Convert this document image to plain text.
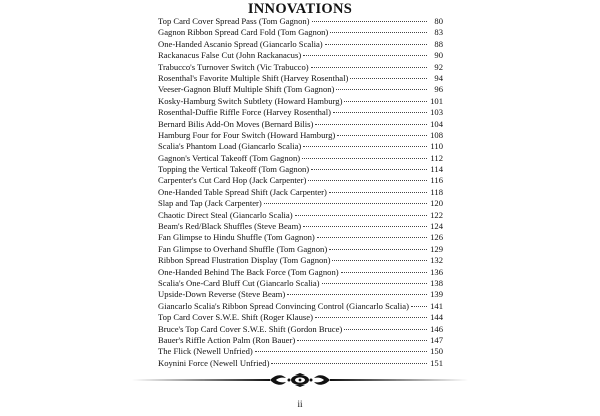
INNOVATIONS
Top Card Cover Spread Pass (Tom Gagnon)	80
Gagnon Ribbon Spread Card Fold (Tom Gagnon)	83
One-Handed Ascanio Spread (Giancarlo Scalia)	88
Rackanacus False Cut (John Rackanacus)	90
Trabucco's Turnover Switch (Vic Trabucco)	92
Rosenthal's Favorite Multiple Shift (Harvey Rosenthal)	94
Veeser-Gagnon Bluff Multiple Shift (Tom Gagnon)	96
Kosky-Hamburg Switch Subtlety (Howard Hamburg)	101
Rosenthal-Duffie Riffle Force (Harvey Rosenthal)	103
Bernard Bilis Add-On Moves (Bernard Bilis)	104
Hamburg Four for Four Switch (Howard Hamburg)	108
Scalia's Phantom Load (Giancarlo Scalia)	110
Gagnon's Vertical Takeoff (Tom Gagnon)	112
Topping the Vertical Takeoff (Tom Gagnon)	114
Carpenter's Cut Card Hop (Jack Carpenter)	116
One-Handed Table Spread Shift (Jack Carpenter)	118
Slap and Tap (Jack Carpenter)	120
Chaotic Direct Steal (Giancarlo Scalia)	122
Beam's Red/Black Shuffles (Steve Beam)	124
Fan Glimpse to Hindu Shuffle (Tom Gagnon)	126
Fan Glimpse to Overhand Shuffle (Tom Gagnon)	129
Ribbon Spread Flustration Display (Tom Gagnon)	132
One-Handed Behind The Back Force (Tom Gagnon)	136
Scalia's One-Card Bluff Cut (Giancarlo Scalia)	138
Upside-Down Reverse (Steve Beam)	139
Giancarlo Scalia's Ribbon Spread Convincing Control (Giancarlo Scalia) 141
Top Card Cover S.W.E. Shift (Roger Klause)	144
Bruce's Top Card Cover S.W.E. Shift (Gordon Bruce)	146
Bauer's Riffle Action Palm (Ron Bauer)	147
The Flick (Newell Unfried)	150
Koynini Force (Newell Unfried)	151
ii
